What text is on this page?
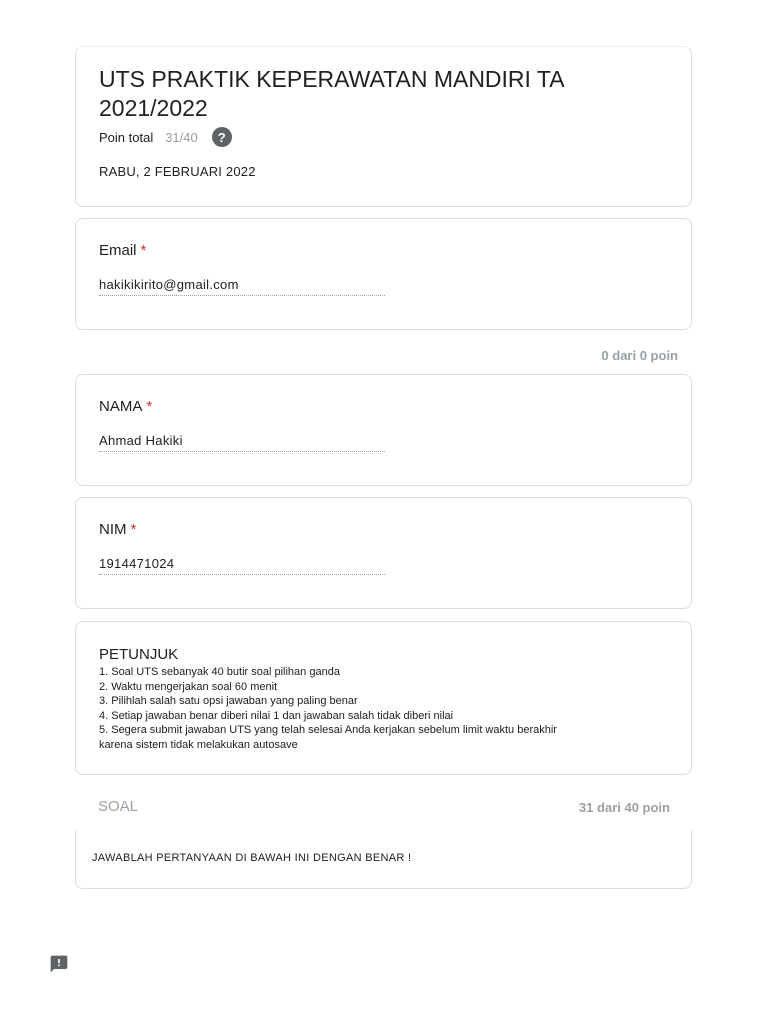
UTS PRAKTIK KEPERAWATAN MANDIRI TA 2021/2022
Poin total 31/40	?
RABU, 2 FEBRUARI 2022
Email *
hakikikirito@gmail.com
0 dari 0 poin
NAMA *
Ahmad Hakiki
NIM *
1914471024
PETUNJUK
1. Soal UTS sebanyak 40 butir soal pilihan ganda
2. Waktu mengerjakan soal 60 menit
3. Pilihlah salah satu opsi jawaban yang paling benar
4. Setiap jawaban benar diberi nilai 1 dan jawaban salah tidak diberi nilai
5. Segera submit jawaban UTS yang telah selesai Anda kerjakan sebelum limit waktu berakhir karena sistem tidak melakukan autosave
SOAL	31 dari 40 poin
JAWABLAH PERTANYAAN DI BAWAH INI DENGAN BENAR !
